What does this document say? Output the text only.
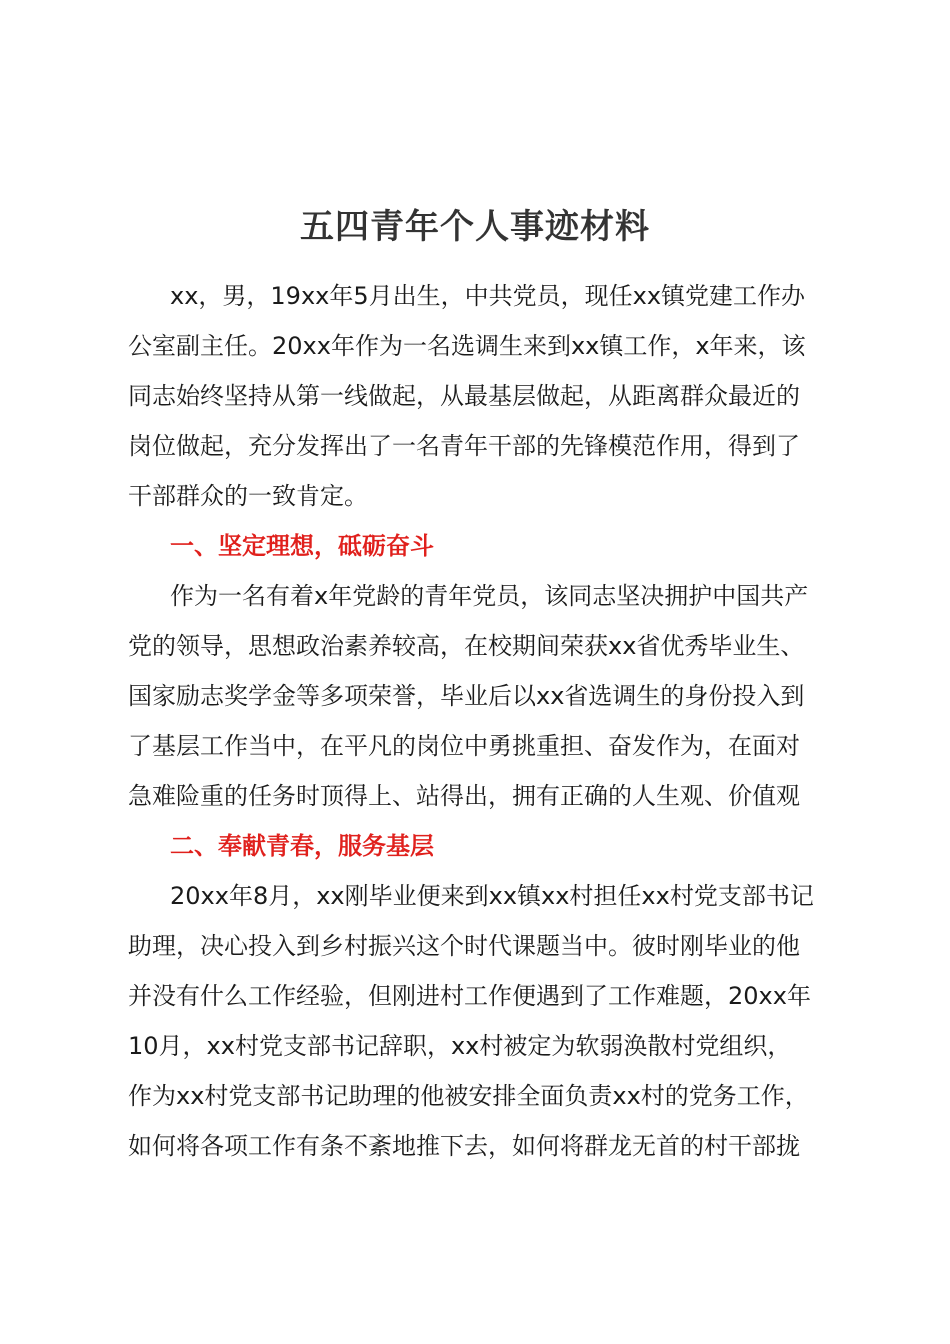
五四青年个人事迹材料
xx，男，19xx年5月出生，中共党员，现任xx镇党建工作办
公室副主任。20xx年作为一名选调生来到xx镇工作，x年来，该
同志始终坚持从第一线做起，从最基层做起，从距离群众最近的
岗位做起，充分发挥出了一名青年干部的先锋模范作用，得到了
干部群众的一致肯定。
一、坚定理想，砥砺奋斗
作为一名有着x年党龄的青年党员，该同志坚决拥护中国共产
党的领导，思想政治素养较高，在校期间荣获xx省优秀毕业生、
国家励志奖学金等多项荣誉，毕业后以xx省选调生的身份投入到
了基层工作当中，在平凡的岗位中勇挑重担、奋发作为，在面对
急难险重的任务时顶得上、站得出，拥有正确的人生观、价值观
二、奉献青春，服务基层
20xx年8月，xx刚毕业便来到xx镇xx村担任xx村党支部书记
助理，决心投入到乡村振兴这个时代课题当中。彼时刚毕业的他
并没有什么工作经验，但刚进村工作便遇到了工作难题，20xx年
10月，xx村党支部书记辞职，xx村被定为软弱涣散村党组织，
作为xx村党支部书记助理的他被安排全面负责xx村的党务工作，
如何将各项工作有条不紊地推下去，如何将群龙无首的村干部拢
